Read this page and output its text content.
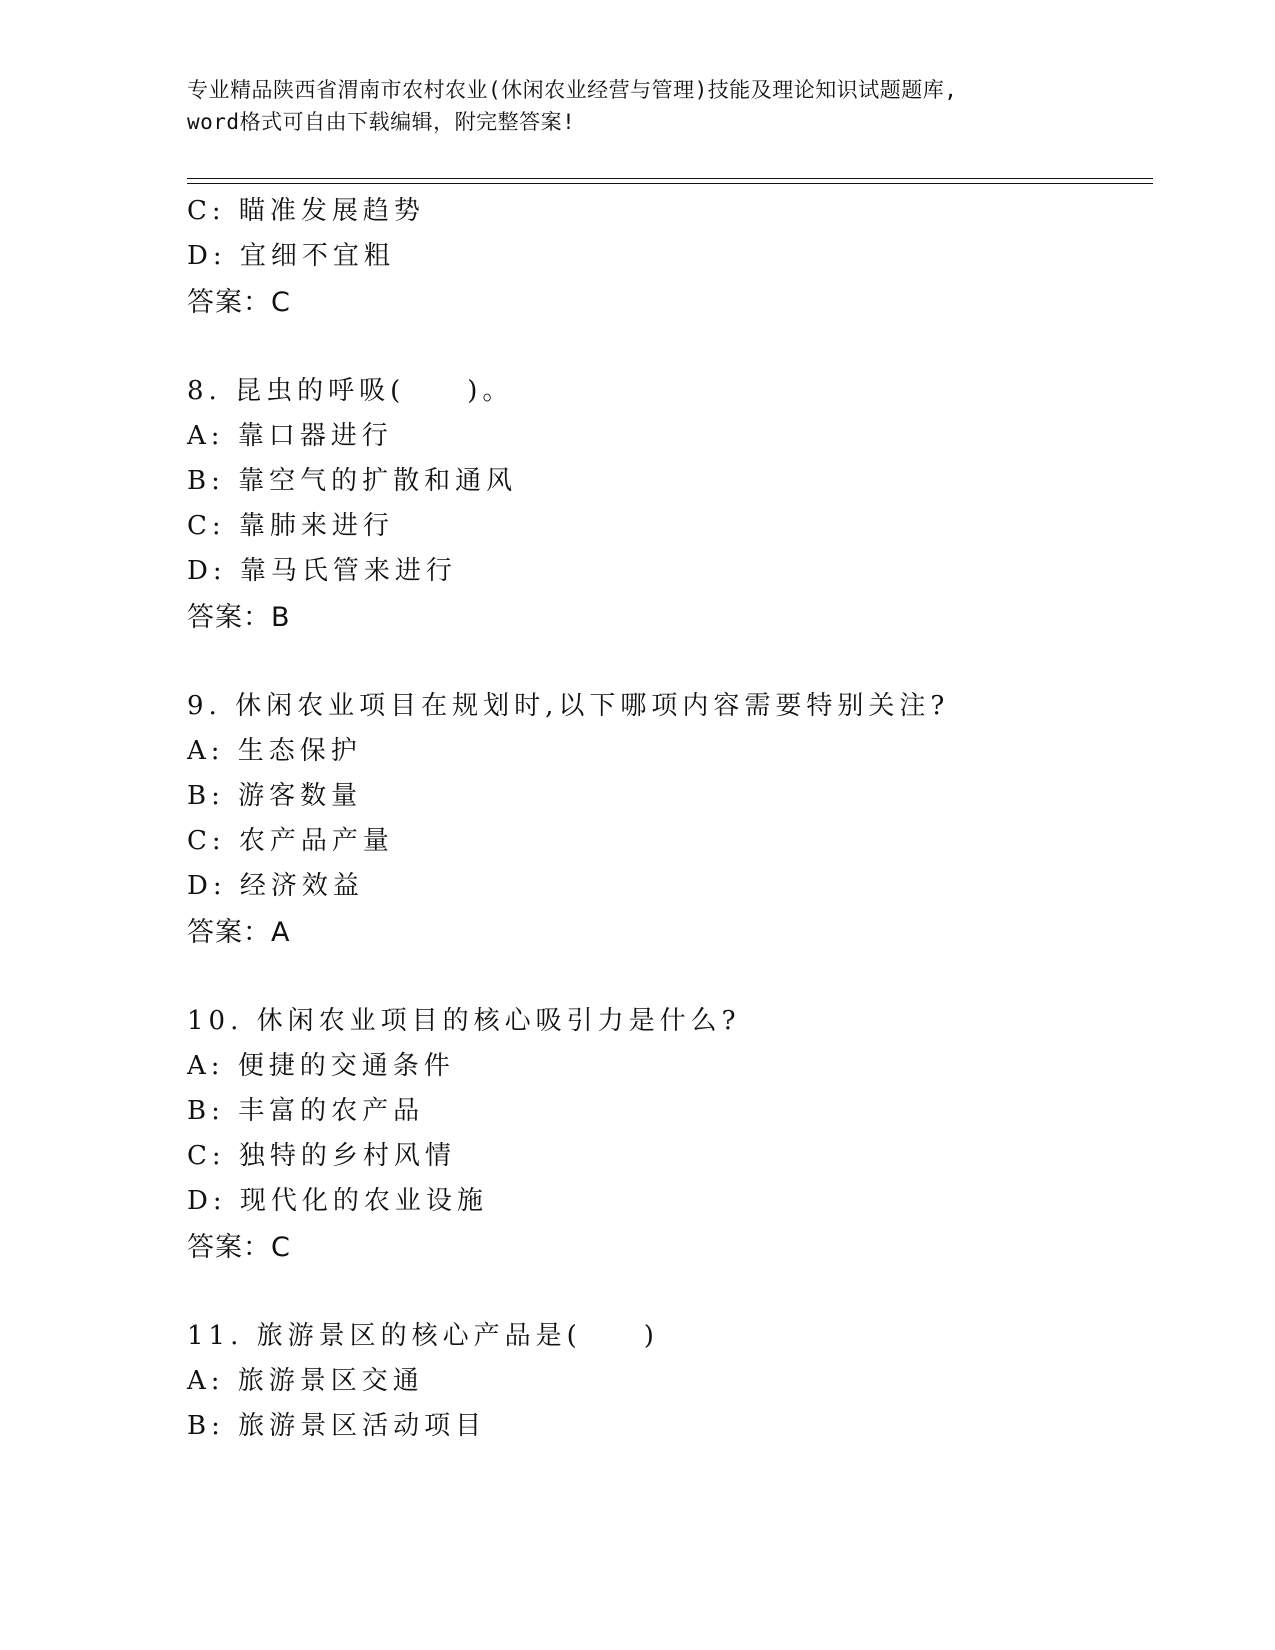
专业精品陕西省渭南市农村农业(休闲农业经营与管理)技能及理论知识试题题库,
word格式可自由下载编辑，附完整答案!
C: 瞄准发展趋势
D: 宜细不宜粗
答案：C
8. 昆虫的呼吸(　　)。
A: 靠口器进行
B: 靠空气的扩散和通风
C: 靠肺来进行
D: 靠马氏管来进行
答案：B
9. 休闲农业项目在规划时,以下哪项内容需要特别关注?
A: 生态保护
B: 游客数量
C: 农产品产量
D: 经济效益
答案：A
10. 休闲农业项目的核心吸引力是什么?
A: 便捷的交通条件
B: 丰富的农产品
C: 独特的乡村风情
D: 现代化的农业设施
答案：C
11. 旅游景区的核心产品是(　　)
A: 旅游景区交通
B: 旅游景区活动项目
